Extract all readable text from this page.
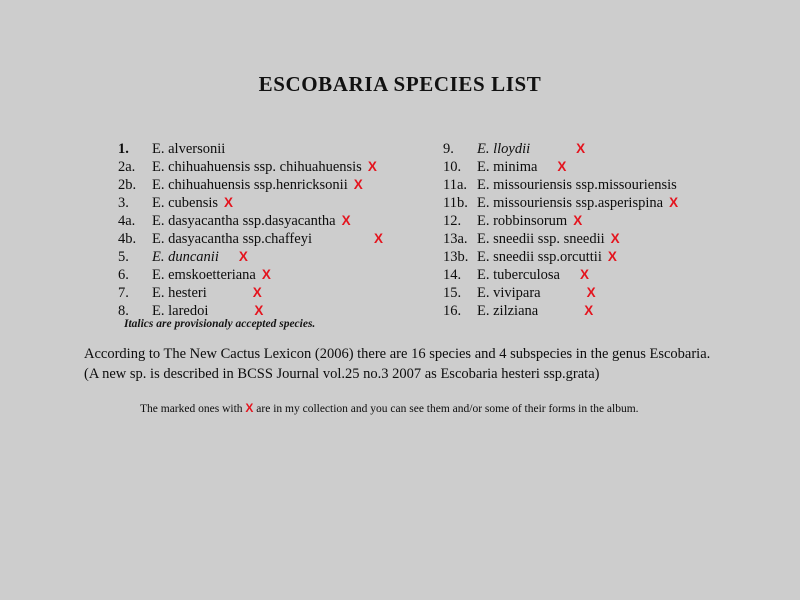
ESCOBARIA SPECIES LIST
1. E. alversonii
2a. E. chihuahuensis ssp. chihuahuensis X
2b. E. chihuahuensis ssp.henricksonii X
3. E. cubensis X
4a. E. dasyacantha ssp.dasyacantha X
4b. E. dasyacantha ssp.chaffeyi	X
5. E. duncanii X
6. E. emskoetteriana X
7. E. hesteri	X
8. E. laredoi	X
9. E. lloydii	X
10. E. minima X
11a. E. missouriensis ssp.missouriensis
11b. E. missouriensis ssp.asperispina X
12. E. robbinsorum X
13a. E. sneedii ssp. sneedii X
13b. E. sneedii ssp.orcuttii X
14. E. tuberculosa X
15. E. vivipara	X
16. E. zilziana	X
Italics are provisionaly accepted species.
According to The New Cactus Lexicon (2006) there are 16 species and 4 subspecies in the genus Escobaria.
(A new sp. is described in BCSS Journal vol.25 no.3 2007 as Escobaria hesteri ssp.grata)
The marked ones with X are in my collection and you can see them and/or some of their forms in the album.
